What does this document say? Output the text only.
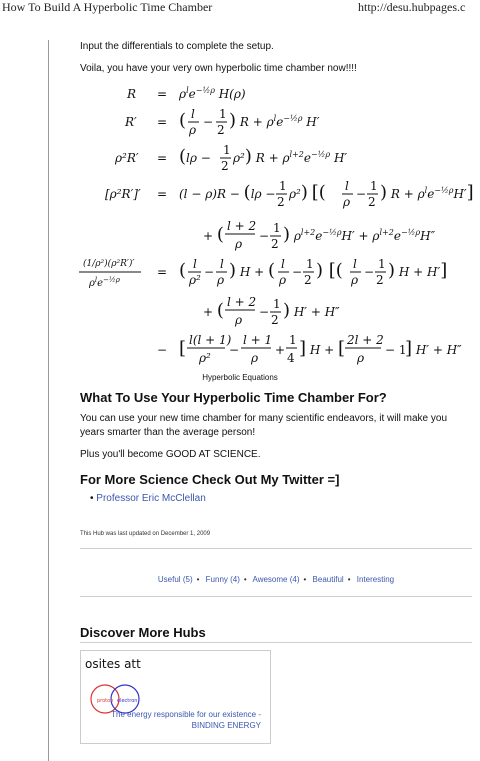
How To Build A Hyperbolic Time Chamber	http://desu.hubpages.c
Input the differentials to complete the setup.
Voila, you have your very own hyperbolic time chamber now!!!!
$R = \rho^le^{-\frac{1}{2}\rho}$ H(ρ)
R′ = ( l
ρ
−
1
2 ) $R + \rho^le^{-\frac{1}{2}\rho}$ H′
ρ²R′ = (lρ −
1
2
ρ²) $R + \rho^{l+2}e^{-\frac{1}{2}\rho}$ H′
[ρ²R′]′ = (l − ρ)R − (lρ −
1
2
ρ²) [( l
ρ
−
1
2 ) $R + \rho^le^{-\frac{1}{2}\rho}H'$]
+ ( l + 2
ρ
−
1
2 ) $\rho^{l+2}e^{-\frac{1}{2}\rho}H' + \rho^{l+2}e^{-\frac{1}{2}\rho}H''$
(1/ρ²)(ρ²R′)′
$\rho^le^{-\frac{1}{2}\rho}$
= ( l
ρ²
−
l
ρ ) H + ( l
ρ
−
1
2 ) [( l
ρ
−
1
2 ) H + H′]
+ ( l + 2
ρ
−
1
2 ) H′ + H″
− [ l(l + 1)
ρ²
−
l + 1
ρ
+
1
4 ] H + [ 2l + 2
ρ
− 1
] H′ + H″
Hyperbolic Equations
What To Use Your Hyperbolic Time Chamber For?
You can use your new time chamber for many scientific endeavors, it will make you years smarter than the average person!
Plus you'll become GOOD AT SCIENCE.
For More Science Check Out My Twitter =]
• Professor Eric McClellan
This Hub was last updated on December 1, 2009
Useful (5) • Funny (4) • Awesome (4) • Beautiful • Interesting
Discover More Hubs
osites att
proton electron
The energy responsible for our existence - BINDING ENERGY
